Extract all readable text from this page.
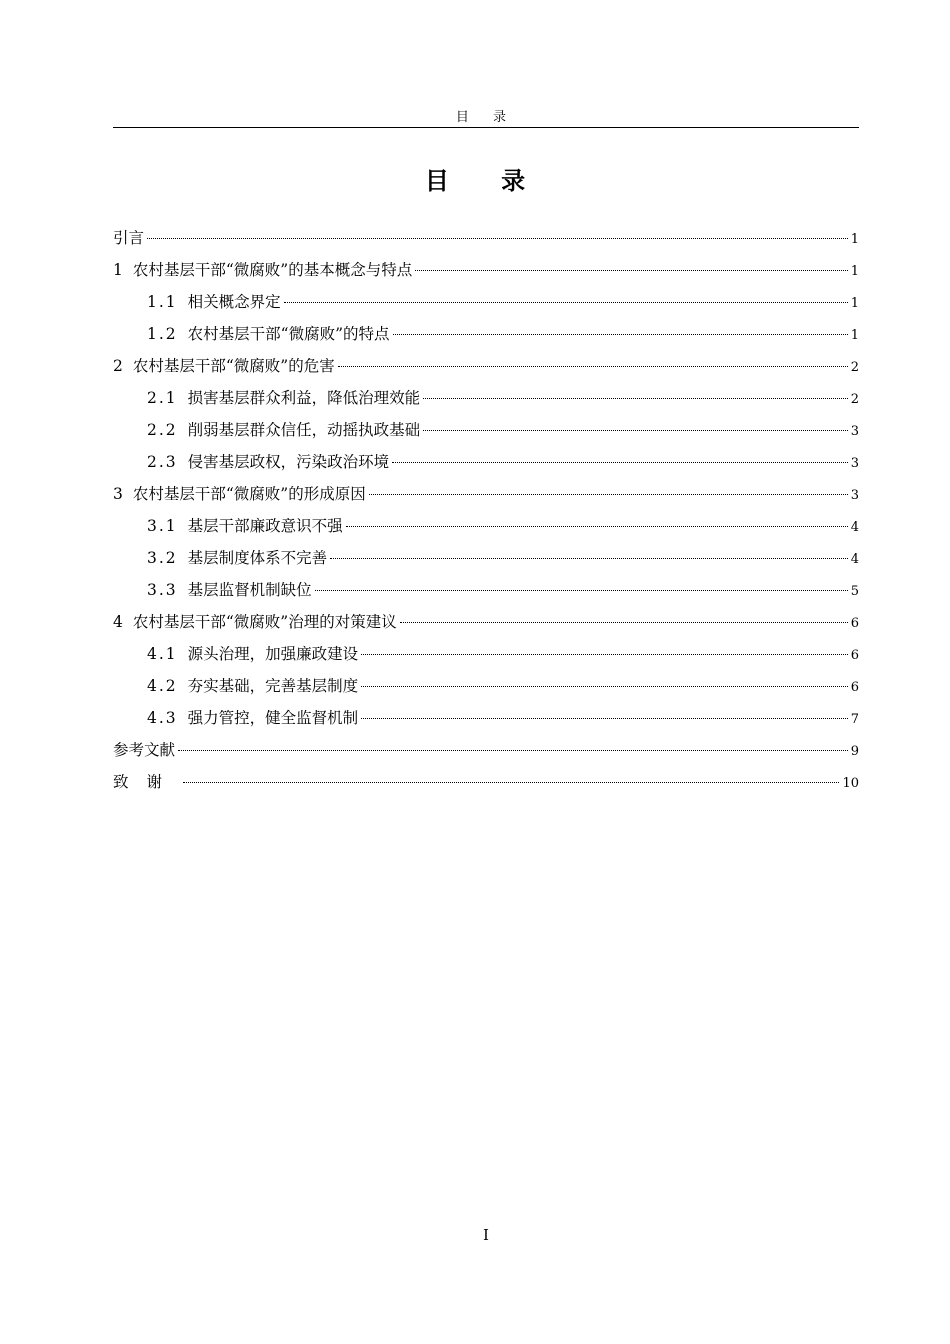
目 录
目 录
引言	1
1 农村基层干部“微腐败”的基本概念与特点	1
1.1 相关概念界定	1
1.2 农村基层干部“微腐败”的特点	1
2 农村基层干部“微腐败”的危害	2
2.1 损害基层群众利益，降低治理效能	2
2.2 削弱基层群众信任，动摇执政基础	3
2.3 侵害基层政权，污染政治环境	3
3 农村基层干部“微腐败”的形成原因	3
3.1 基层干部廉政意识不强	4
3.2 基层制度体系不完善	4
3.3 基层监督机制缺位	5
4 农村基层干部“微腐败”治理的对策建议	6
4.1 源头治理，加强廉政建设	6
4.2 夯实基础，完善基层制度	6
4.3 强力管控，健全监督机制	7
参考文献	9
致谢	10
I
